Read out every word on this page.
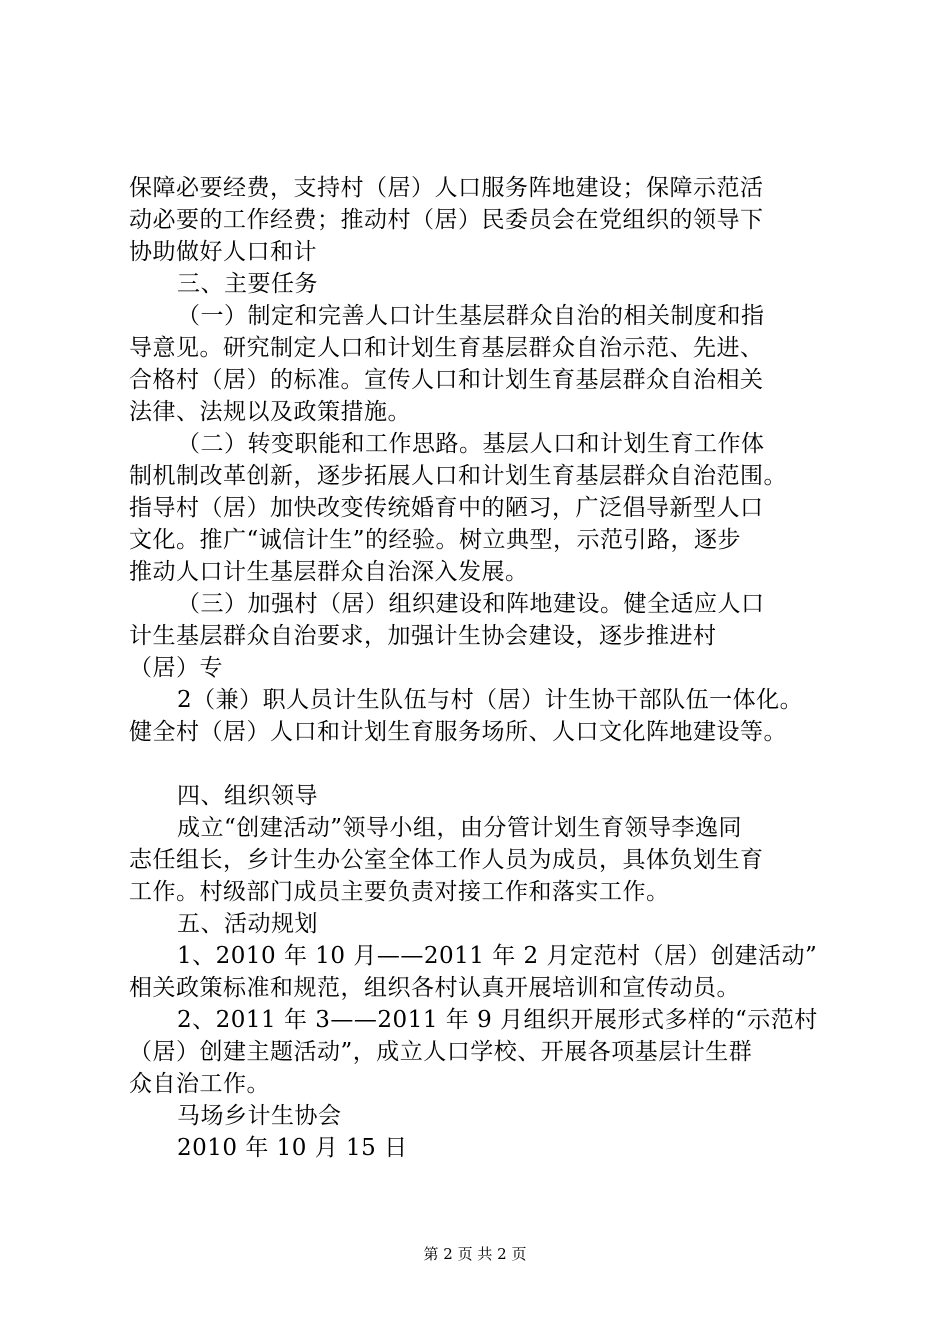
保障必要经费，支持村（居）人口服务阵地建设；保障示范活
动必要的工作经费；推动村（居）民委员会在党组织的领导下
协助做好人口和计
三、主要任务
（一）制定和完善人口计生基层群众自治的相关制度和指
导意见。研究制定人口和计划生育基层群众自治示范、先进、
合格村（居）的标准。宣传人口和计划生育基层群众自治相关
法律、法规以及政策措施。
（二）转变职能和工作思路。基层人口和计划生育工作体
制机制改革创新，逐步拓展人口和计划生育基层群众自治范围。
指导村（居）加快改变传统婚育中的陋习，广泛倡导新型人口
文化。推广“诚信计生”的经验。树立典型，示范引路，逐步
推动人口计生基层群众自治深入发展。
（三）加强村（居）组织建设和阵地建设。健全适应人口
计生基层群众自治要求，加强计生协会建设，逐步推进村
（居）专
2（兼）职人员计生队伍与村（居）计生协干部队伍一体化。
健全村（居）人口和计划生育服务场所、人口文化阵地建设等。
四、组织领导
成立“创建活动”领导小组，由分管计划生育领导李逸同
志任组长，乡计生办公室全体工作人员为成员，具体负划生育
工作。村级部门成员主要负责对接工作和落实工作。
五、活动规划
1、2010 年 10 月——2011 年 2 月定范村（居）创建活动”
相关政策标准和规范，组织各村认真开展培训和宣传动员。
2、2011 年 3——2011 年 9 月组织开展形式多样的“示范村
（居）创建主题活动”，成立人口学校、开展各项基层计生群
众自治工作。
马场乡计生协会
2010 年 10 月 15 日
第 2 页 共 2 页
